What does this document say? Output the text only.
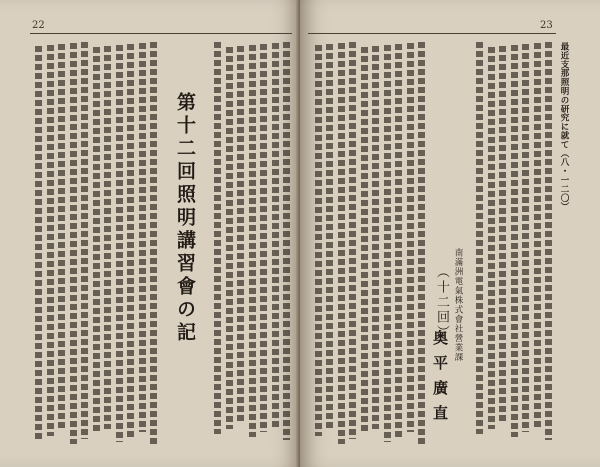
22
第十二回照明講習會の記
23
最近支那照明の研究に就て（八・一二〇）
南滿洲電氣株式會社營業課
（十二回）
奥平廣直
